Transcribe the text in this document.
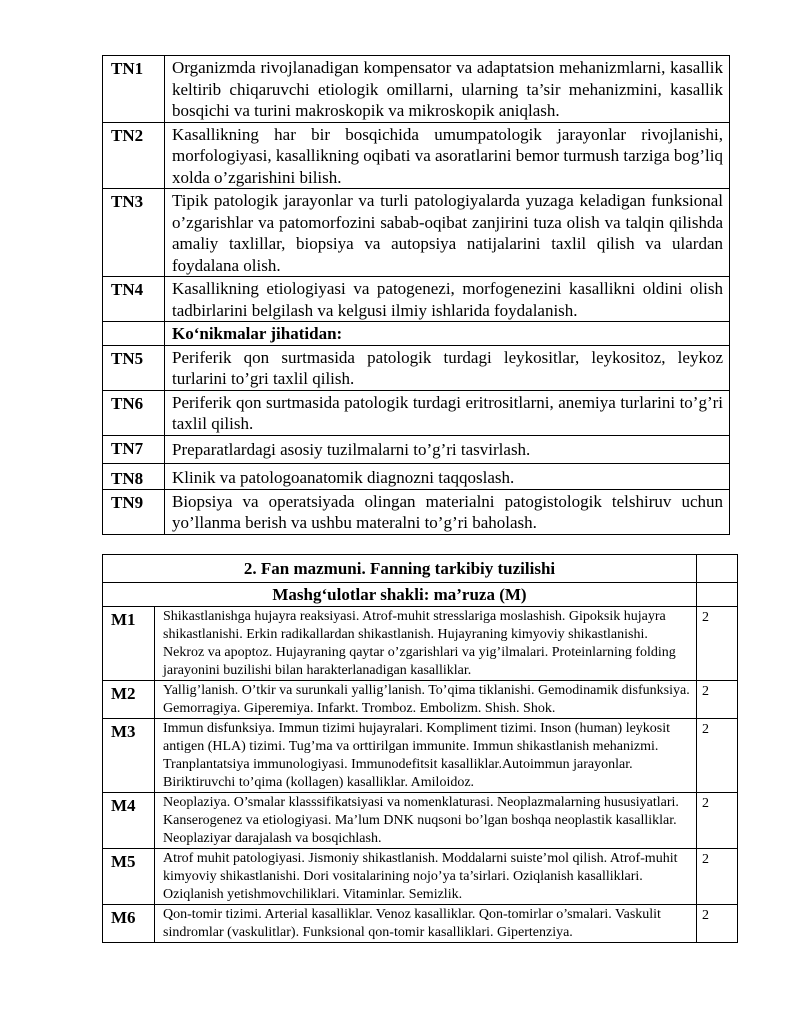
TN1	Organizmda rivojlanadigan kompensator va adaptatsion mehanizmlarni, kasallik keltirib chiqaruvchi etiologik omillarni, ularning ta’sir mehanizmini, kasallik bosqichi va turini makroskopik va mikroskopik aniqlash.
TN2	Kasallikning har bir bosqichida umumpatologik jarayonlar rivojlanishi, morfologiyasi, kasallikning oqibati va asoratlarini bemor turmush tarziga bog’liq xolda o’zgarishini bilish.
TN3	Tipik patologik jarayonlar va turli patologiyalarda yuzaga keladigan funksional o’zgarishlar va patomorfozini sabab-oqibat zanjirini tuza olish va talqin qilishda amaliy taxlillar, biopsiya va autopsiya natijalarini taxlil qilish va ulardan foydalana olish.
TN4	Kasallikning etiologiyasi va patogenezi, morfogenezini kasallikni oldini olish tadbirlarini belgilash va kelgusi ilmiy ishlarida foydalanish.
	Ko‘nikmalar jihatidan:
TN5	Periferik qon surtmasida patologik turdagi leykositlar, leykositoz, leykoz turlarini to’gri taxlil qilish.
TN6	Periferik qon surtmasida patologik turdagi eritrositlarni, anemiya turlarini to’g’ri taxlil qilish.
TN7	Preparatlardagi asosiy tuzilmalarni to’g’ri tasvirlash.
TN8	Klinik va patologoanatomik diagnozni taqqoslash.
TN9	Biopsiya va operatsiyada olingan materialni patogistologik telshiruv uchun yo’llanma berish va ushbu materalni to’g’ri baholash.
2. Fan mazmuni. Fanning tarkibiy tuzilishi		
Mashg‘ulotlar shakli: ma’ruza (M)		
M1	Shikastlanishga hujayra reaksiyasi. Atrof-muhit stresslariga moslashish. Gipoksik hujayra shikastlanishi. Erkin radikallardan shikastlanish. Hujayraning kimyoviy shikastlanishi. Nekroz va apoptoz. Hujayraning qaytar o’zgarishlari va yig’ilmalari. Proteinlarning folding jarayonini buzilishi bilan harakterlanadigan kasalliklar.	2
M2	Yallig’lanish. O’tkir va surunkali yallig’lanish. To’qima tiklanishi. Gemodinamik disfunksiya. Gemorragiya. Giperemiya. Infarkt. Tromboz. Embolizm. Shish. Shok.	2
M3	Immun disfunksiya. Immun tizimi hujayralari. Kompliment tizimi. Inson (human) leykosit antigen (HLA) tizimi. Tug’ma va orttirilgan immunite. Immun shikastlanish mehanizmi. Tranplantatsiya immunologiyasi. Immunodefitsit kasalliklar.Autoimmun jarayonlar. Biriktiruvchi to’qima (kollagen) kasalliklar. Amiloidoz.	2
M4	Neoplaziya. O’smalar klasssifikatsiyasi va nomenklaturasi. Neoplazmalarning hususiyatlari. Kanserogenez va etiologiyasi. Ma’lum DNK nuqsoni bo’lgan boshqa neoplastik kasalliklar. Neoplaziyar darajalash va bosqichlash.	2
M5	Atrof muhit patologiyasi. Jismoniy shikastlanish. Moddalarni suiste’mol qilish. Atrof-muhit kimyoviy shikastlanishi. Dori vositalarining nojo’ya ta’sirlari. Oziqlanish kasalliklari. Oziqlanish yetishmovchiliklari. Vitaminlar. Semizlik.	2
M6	Qon-tomir tizimi. Arterial kasalliklar. Venoz kasalliklar. Qon-tomirlar o’smalari. Vaskulit sindromlar (vaskulitlar). Funksional qon-tomir kasalliklari. Gipertenziya.	2
